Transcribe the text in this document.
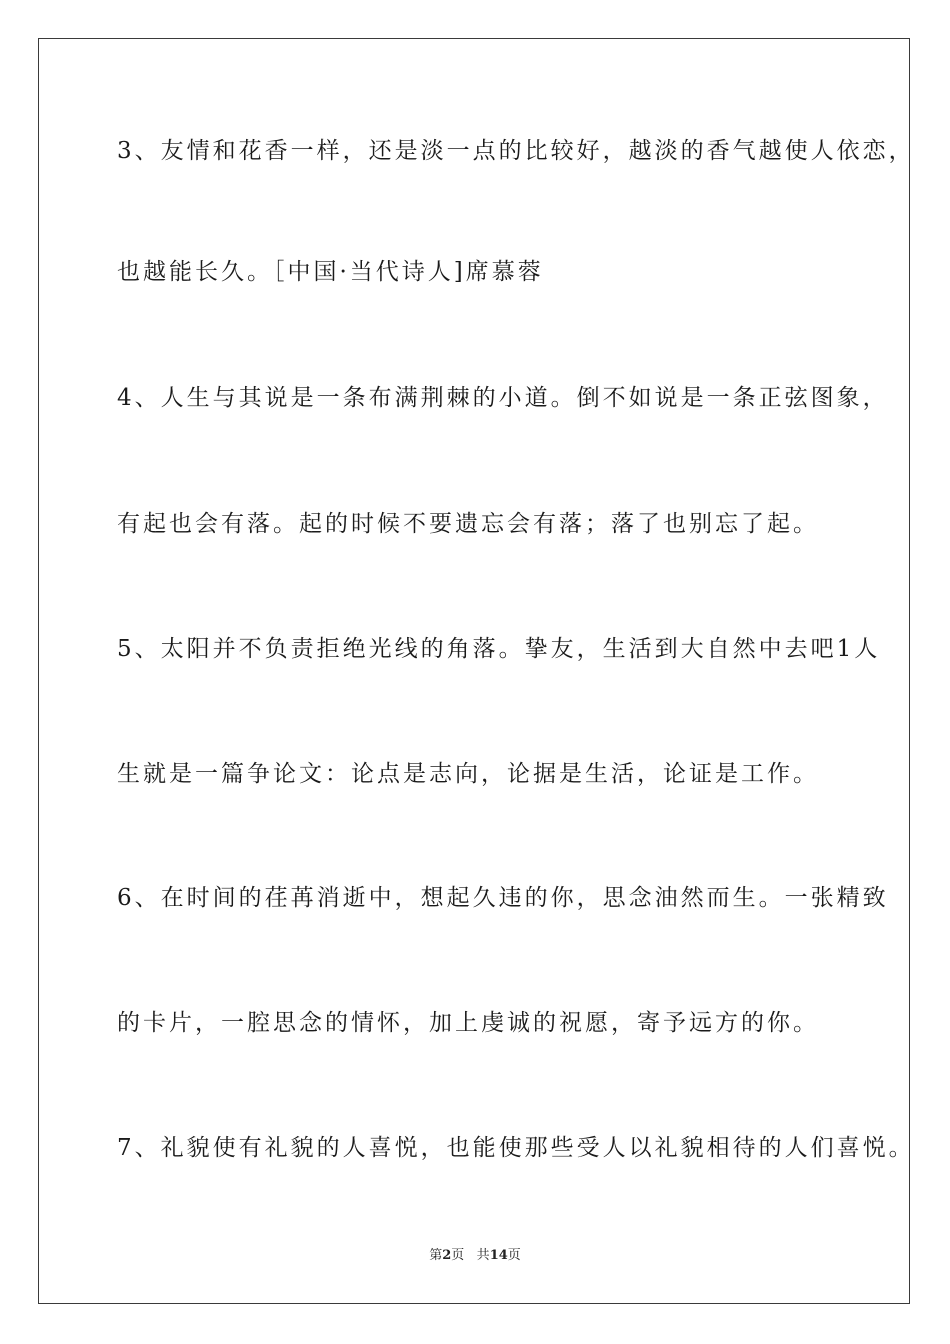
3、友情和花香一样，还是淡一点的比较好，越淡的香气越使人依恋，
也越能长久。［中国·当代诗人]席慕蓉
4、人生与其说是一条布满荆棘的小道。倒不如说是一条正弦图象，
有起也会有落。起的时候不要遗忘会有落；落了也别忘了起。
5、太阳并不负责拒绝光线的角落。挚友，生活到大自然中去吧1人
生就是一篇争论文：论点是志向，论据是生活，论证是工作。
6、在时间的荏苒消逝中，想起久违的你，思念油然而生。一张精致
的卡片，一腔思念的情怀，加上虔诚的祝愿，寄予远方的你。
7、礼貌使有礼貌的人喜悦，也能使那些受人以礼貌相待的人们喜悦。
第2页 共14页
